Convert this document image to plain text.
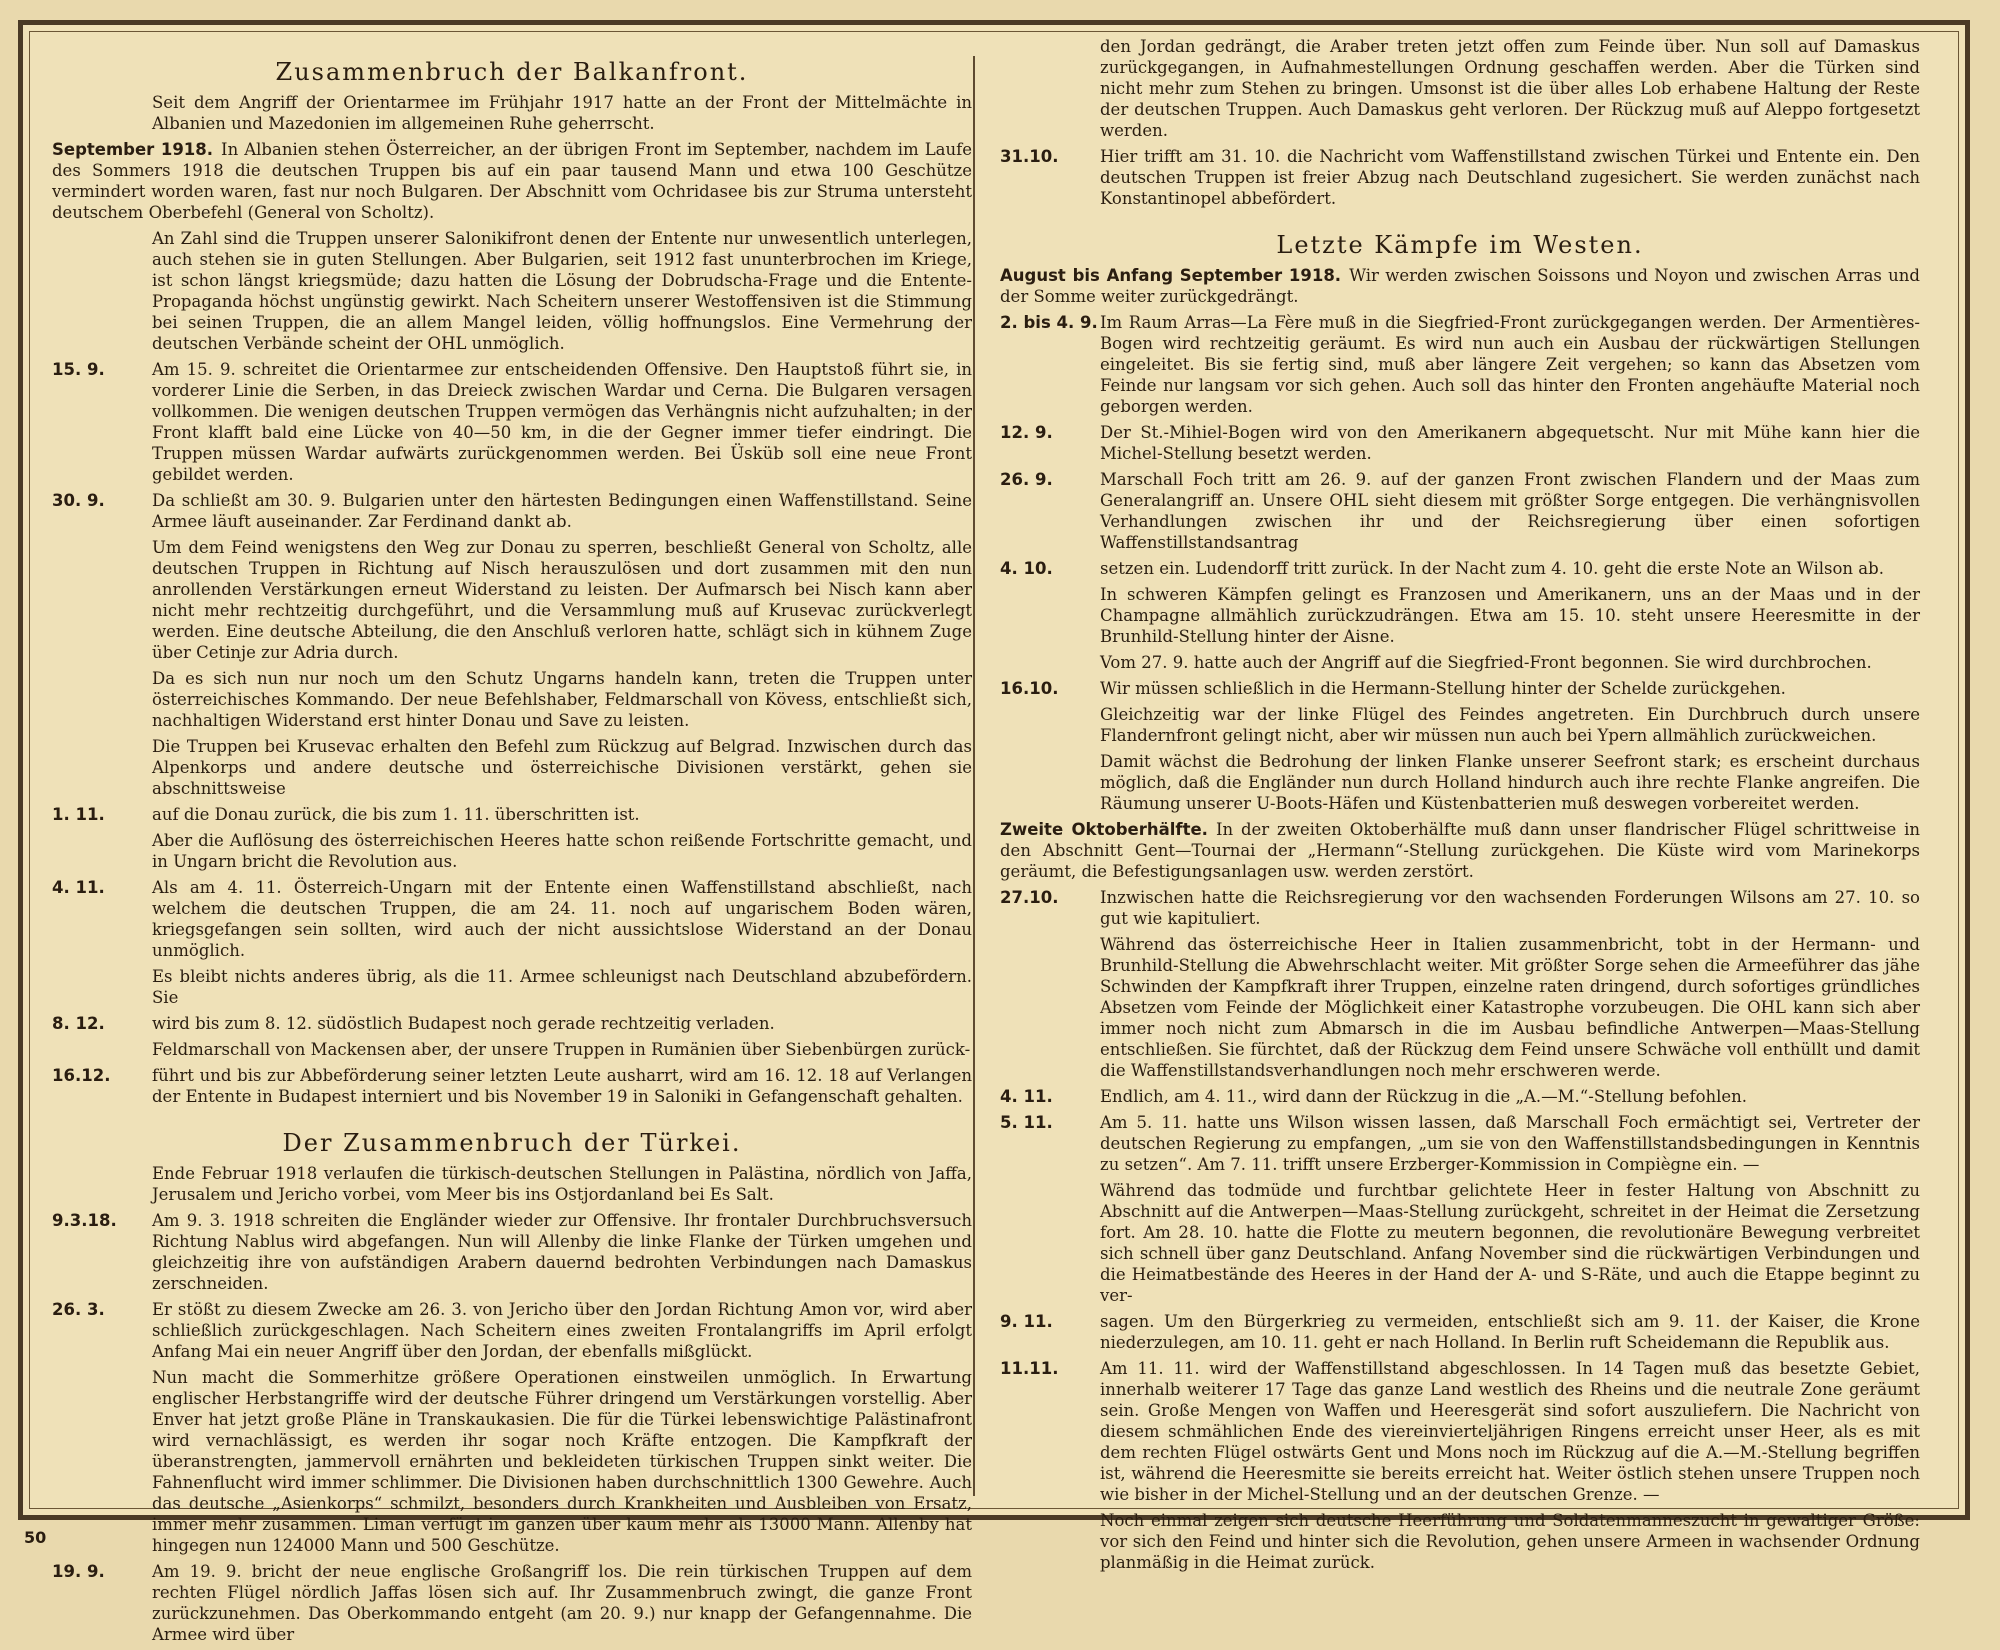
Zusammenbruch der Balkanfront.
Seit dem Angriff der Orientarmee im Frühjahr 1917 hatte an der Front der Mittelmächte in Albanien und Mazedonien im allgemeinen Ruhe geherrscht.
September 1918. In Albanien stehen Österreicher, an der übrigen Front im September, nachdem im Laufe des Sommers 1918 die deutschen Truppen bis auf ein paar tausend Mann und etwa 100 Geschütze vermindert worden waren, fast nur noch Bulgaren. Der Abschnitt vom Ochridasee bis zur Struma untersteht deutschem Oberbefehl (General von Scholtz).
An Zahl sind die Truppen unserer Salonikifront denen der Entente nur unwesentlich unterlegen, auch stehen sie in guten Stellungen. Aber Bulgarien, seit 1912 fast ununterbrochen im Kriege, ist schon längst kriegsmüde; dazu hatten die Lösung der Dobrudscha-Frage und die Entente-Propaganda höchst ungünstig gewirkt. Nach Scheitern unserer Westoffensiven ist die Stimmung bei seinen Truppen, die an allem Mangel leiden, völlig hoffnungslos. Eine Vermehrung der deutschen Verbände scheint der OHL unmöglich.
15. 9.	Am 15. 9. schreitet die Orientarmee zur entscheidenden Offensive. Den Hauptstoß führt sie, in vorderer Linie die Serben, in das Dreieck zwischen Wardar und Cerna. Die Bulgaren versagen vollkommen. Die wenigen deutschen Truppen vermögen das Verhängnis nicht aufzuhalten; in der Front klafft bald eine Lücke von 40—50 km, in die der Gegner immer tiefer eindringt. Die Truppen müssen Wardar aufwärts zurückgenommen werden. Bei Üsküb soll eine neue Front gebildet werden.
30. 9.	Da schließt am 30. 9. Bulgarien unter den härtesten Bedingungen einen Waffenstillstand. Seine Armee läuft auseinander. Zar Ferdinand dankt ab.
Um dem Feind wenigstens den Weg zur Donau zu sperren, beschließt General von Scholtz, alle deutschen Truppen in Richtung auf Nisch herauszulösen und dort zusammen mit den nun anrollenden Verstärkungen erneut Widerstand zu leisten. Der Aufmarsch bei Nisch kann aber nicht mehr rechtzeitig durchgeführt, und die Versammlung muß auf Krusevac zurückverlegt werden. Eine deutsche Abteilung, die den Anschluß verloren hatte, schlägt sich in kühnem Zuge über Cetinje zur Adria durch.
Da es sich nun nur noch um den Schutz Ungarns handeln kann, treten die Truppen unter österreichisches Kommando. Der neue Befehlshaber, Feldmarschall von Kövess, entschließt sich, nachhaltigen Widerstand erst hinter Donau und Save zu leisten.
Die Truppen bei Krusevac erhalten den Befehl zum Rückzug auf Belgrad. Inzwischen durch das Alpenkorps und andere deutsche und österreichische Divisionen verstärkt, gehen sie abschnittsweise
1. 11.	auf die Donau zurück, die bis zum 1. 11. überschritten ist.
Aber die Auflösung des österreichischen Heeres hatte schon reißende Fortschritte gemacht, und in Ungarn bricht die Revolution aus.
4. 11.	Als am 4. 11. Österreich-Ungarn mit der Entente einen Waffenstillstand abschließt, nach welchem die deutschen Truppen, die am 24. 11. noch auf ungarischem Boden wären, kriegsgefangen sein sollten, wird auch der nicht aussichtslose Widerstand an der Donau unmöglich.
Es bleibt nichts anderes übrig, als die 11. Armee schleunigst nach Deutschland abzubefördern. Sie
8. 12.	wird bis zum 8. 12. südöstlich Budapest noch gerade rechtzeitig verladen.
Feldmarschall von Mackensen aber, der unsere Truppen in Rumänien über Siebenbürgen zurück-
16.12.	führt und bis zur Abbeförderung seiner letzten Leute ausharrt, wird am 16. 12. 18 auf Verlangen der Entente in Budapest interniert und bis November 19 in Saloniki in Gefangenschaft gehalten.
Der Zusammenbruch der Türkei.
Ende Februar 1918 verlaufen die türkisch-deutschen Stellungen in Palästina, nördlich von Jaffa, Jerusalem und Jericho vorbei, vom Meer bis ins Ostjordanland bei Es Salt.
9.3.18.	Am 9. 3. 1918 schreiten die Engländer wieder zur Offensive. Ihr frontaler Durchbruchsversuch Richtung Nablus wird abgefangen. Nun will Allenby die linke Flanke der Türken umgehen und gleichzeitig ihre von aufständigen Arabern dauernd bedrohten Verbindungen nach Damaskus zerschneiden.
26. 3.	Er stößt zu diesem Zwecke am 26. 3. von Jericho über den Jordan Richtung Amon vor, wird aber schließlich zurückgeschlagen. Nach Scheitern eines zweiten Frontalangriffs im April erfolgt Anfang Mai ein neuer Angriff über den Jordan, der ebenfalls mißglückt.
Nun macht die Sommerhitze größere Operationen einstweilen unmöglich. In Erwartung englischer Herbstangriffe wird der deutsche Führer dringend um Verstärkungen vorstellig. Aber Enver hat jetzt große Pläne in Transkaukasien. Die für die Türkei lebenswichtige Palästinafront wird vernachlässigt, es werden ihr sogar noch Kräfte entzogen. Die Kampfkraft der überanstrengten, jammervoll ernährten und bekleideten türkischen Truppen sinkt weiter. Die Fahnenflucht wird immer schlimmer. Die Divisionen haben durchschnittlich 1300 Gewehre. Auch das deutsche „Asienkorps“ schmilzt, besonders durch Krankheiten und Ausbleiben von Ersatz, immer mehr zusammen. Liman verfügt im ganzen über kaum mehr als 13000 Mann. Allenby hat hingegen nun 124000 Mann und 500 Geschütze.
19. 9.	Am 19. 9. bricht der neue englische Großangriff los. Die rein türkischen Truppen auf dem rechten Flügel nördlich Jaffas lösen sich auf. Ihr Zusammenbruch zwingt, die ganze Front zurückzunehmen. Das Oberkommando entgeht (am 20. 9.) nur knapp der Gefangennahme. Die Armee wird über
den Jordan gedrängt, die Araber treten jetzt offen zum Feinde über. Nun soll auf Damaskus zurückgegangen, in Aufnahmestellungen Ordnung geschaffen werden. Aber die Türken sind nicht mehr zum Stehen zu bringen. Umsonst ist die über alles Lob erhabene Haltung der Reste der deutschen Truppen. Auch Damaskus geht verloren. Der Rückzug muß auf Aleppo fortgesetzt werden.
31.10.	Hier trifft am 31. 10. die Nachricht vom Waffenstillstand zwischen Türkei und Entente ein. Den deutschen Truppen ist freier Abzug nach Deutschland zugesichert. Sie werden zunächst nach Konstantinopel abbefördert.
Letzte Kämpfe im Westen.
August bis Anfang September 1918. Wir werden zwischen Soissons und Noyon und zwischen Arras und der Somme weiter zurückgedrängt.
2. bis 4. 9. Im Raum Arras—La Fère muß in die Siegfried-Front zurückgegangen werden. Der Armentières-Bogen wird rechtzeitig geräumt. Es wird nun auch ein Ausbau der rückwärtigen Stellungen eingeleitet. Bis sie fertig sind, muß aber längere Zeit vergehen; so kann das Absetzen vom Feinde nur langsam vor sich gehen. Auch soll das hinter den Fronten angehäufte Material noch geborgen werden.
12. 9.	Der St.-Mihiel-Bogen wird von den Amerikanern abgequetscht. Nur mit Mühe kann hier die Michel-Stellung besetzt werden.
26. 9.	Marschall Foch tritt am 26. 9. auf der ganzen Front zwischen Flandern und der Maas zum Generalangriff an. Unsere OHL sieht diesem mit größter Sorge entgegen. Die verhängnisvollen Verhandlungen zwischen ihr und der Reichsregierung über einen sofortigen Waffenstillstandsantrag
4. 10.	setzen ein. Ludendorff tritt zurück. In der Nacht zum 4. 10. geht die erste Note an Wilson ab.
In schweren Kämpfen gelingt es Franzosen und Amerikanern, uns an der Maas und in der Champagne allmählich zurückzudrängen. Etwa am 15. 10. steht unsere Heeresmitte in der Brunhild-Stellung hinter der Aisne.
Vom 27. 9. hatte auch der Angriff auf die Siegfried-Front begonnen. Sie wird durchbrochen.
16.10.	Wir müssen schließlich in die Hermann-Stellung hinter der Schelde zurückgehen.
Gleichzeitig war der linke Flügel des Feindes angetreten. Ein Durchbruch durch unsere Flandernfront gelingt nicht, aber wir müssen nun auch bei Ypern allmählich zurückweichen.
Damit wächst die Bedrohung der linken Flanke unserer Seefront stark; es erscheint durchaus möglich, daß die Engländer nun durch Holland hindurch auch ihre rechte Flanke angreifen. Die Räumung unserer U-Boots-Häfen und Küstenbatterien muß deswegen vorbereitet werden.
Zweite Oktoberhälfte. In der zweiten Oktoberhälfte muß dann unser flandrischer Flügel schrittweise in den Abschnitt Gent—Tournai der „Hermann“-Stellung zurückgehen. Die Küste wird vom Marinekorps geräumt, die Befestigungsanlagen usw. werden zerstört.
27.10.	Inzwischen hatte die Reichsregierung vor den wachsenden Forderungen Wilsons am 27. 10. so gut wie kapituliert.
Während das österreichische Heer in Italien zusammenbricht, tobt in der Hermann- und Brunhild-Stellung die Abwehrschlacht weiter. Mit größter Sorge sehen die Armeeführer das jähe Schwinden der Kampfkraft ihrer Truppen, einzelne raten dringend, durch sofortiges gründliches Absetzen vom Feinde der Möglichkeit einer Katastrophe vorzubeugen. Die OHL kann sich aber immer noch nicht zum Abmarsch in die im Ausbau befindliche Antwerpen—Maas-Stellung entschließen. Sie fürchtet, daß der Rückzug dem Feind unsere Schwäche voll enthüllt und damit die Waffenstillstandsverhandlungen noch mehr erschweren werde.
4. 11.	Endlich, am 4. 11., wird dann der Rückzug in die „A.—M.“-Stellung befohlen.
5. 11.	Am 5. 11. hatte uns Wilson wissen lassen, daß Marschall Foch ermächtigt sei, Vertreter der deutschen Regierung zu empfangen, „um sie von den Waffenstillstandsbedingungen in Kenntnis zu setzen“. Am 7. 11. trifft unsere Erzberger-Kommission in Compiègne ein. —
Während das todmüde und furchtbar gelichtete Heer in fester Haltung von Abschnitt zu Abschnitt auf die Antwerpen—Maas-Stellung zurückgeht, schreitet in der Heimat die Zersetzung fort. Am 28. 10. hatte die Flotte zu meutern begonnen, die revolutionäre Bewegung verbreitet sich schnell über ganz Deutschland. Anfang November sind die rückwärtigen Verbindungen und die Heimatbestände des Heeres in der Hand der A- und S-Räte, und auch die Etappe beginnt zu ver-
9. 11.	sagen. Um den Bürgerkrieg zu vermeiden, entschließt sich am 9. 11. der Kaiser, die Krone niederzulegen, am 10. 11. geht er nach Holland. In Berlin ruft Scheidemann die Republik aus.
11.11.	Am 11. 11. wird der Waffenstillstand abgeschlossen. In 14 Tagen muß das besetzte Gebiet, innerhalb weiterer 17 Tage das ganze Land westlich des Rheins und die neutrale Zone geräumt sein. Große Mengen von Waffen und Heeresgerät sind sofort auszuliefern. Die Nachricht von diesem schmählichen Ende des viereinvierteljährigen Ringens erreicht unser Heer, als es mit dem rechten Flügel ostwärts Gent und Mons noch im Rückzug auf die A.—M.-Stellung begriffen ist, während die Heeresmitte sie bereits erreicht hat. Weiter östlich stehen unsere Truppen noch wie bisher in der Michel-Stellung und an der deutschen Grenze. —
Noch einmal zeigen sich deutsche Heerführung und Soldatenmanneszucht in gewaltiger Größe: vor sich den Feind und hinter sich die Revolution, gehen unsere Armeen in wachsender Ordnung planmäßig in die Heimat zurück.
50
